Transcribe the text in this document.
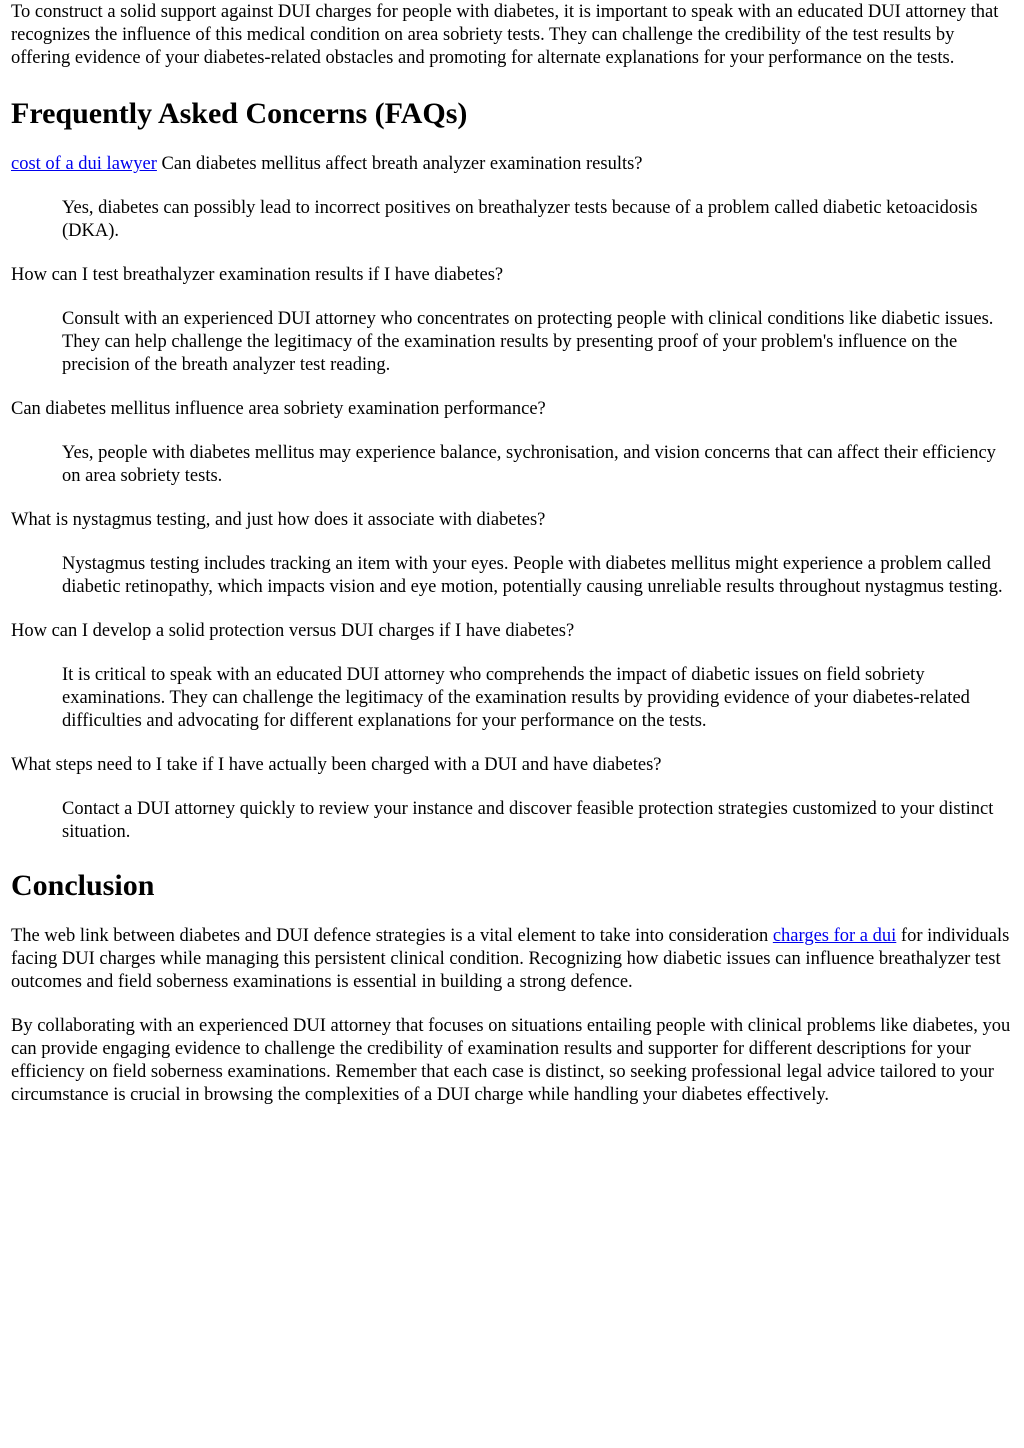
To construct a solid support against DUI charges for people with diabetes, it is important to speak with an educated DUI attorney that recognizes the influence of this medical condition on area sobriety tests. They can challenge the credibility of the test results by offering evidence of your diabetes-related obstacles and promoting for alternate explanations for your performance on the tests.

Frequently Asked Concerns (FAQs)

cost of a dui lawyer Can diabetes mellitus affect breath analyzer examination results?

Yes, diabetes can possibly lead to incorrect positives on breathalyzer tests because of a problem called diabetic ketoacidosis (DKA).

How can I test breathalyzer examination results if I have diabetes?

Consult with an experienced DUI attorney who concentrates on protecting people with clinical conditions like diabetic issues. They can help challenge the legitimacy of the examination results by presenting proof of your problem's influence on the precision of the breath analyzer test reading.

Can diabetes mellitus influence area sobriety examination performance?

Yes, people with diabetes mellitus may experience balance, sychronisation, and vision concerns that can affect their efficiency on area sobriety tests.

What is nystagmus testing, and just how does it associate with diabetes?

Nystagmus testing includes tracking an item with your eyes. People with diabetes mellitus might experience a problem called diabetic retinopathy, which impacts vision and eye motion, potentially causing unreliable results throughout nystagmus testing.

How can I develop a solid protection versus DUI charges if I have diabetes?

It is critical to speak with an educated DUI attorney who comprehends the impact of diabetic issues on field sobriety examinations. They can challenge the legitimacy of the examination results by providing evidence of your diabetes-related difficulties and advocating for different explanations for your performance on the tests.

What steps need to I take if I have actually been charged with a DUI and have diabetes?

Contact a DUI attorney quickly to review your instance and discover feasible protection strategies customized to your distinct situation.

Conclusion

The web link between diabetes and DUI defence strategies is a vital element to take into consideration charges for a dui for individuals facing DUI charges while managing this persistent clinical condition. Recognizing how diabetic issues can influence breathalyzer test outcomes and field soberness examinations is essential in building a strong defence.

By collaborating with an experienced DUI attorney that focuses on situations entailing people with clinical problems like diabetes, you can provide engaging evidence to challenge the credibility of examination results and supporter for different descriptions for your efficiency on field soberness examinations. Remember that each case is distinct, so seeking professional legal advice tailored to your circumstance is crucial in browsing the complexities of a DUI charge while handling your diabetes effectively.
